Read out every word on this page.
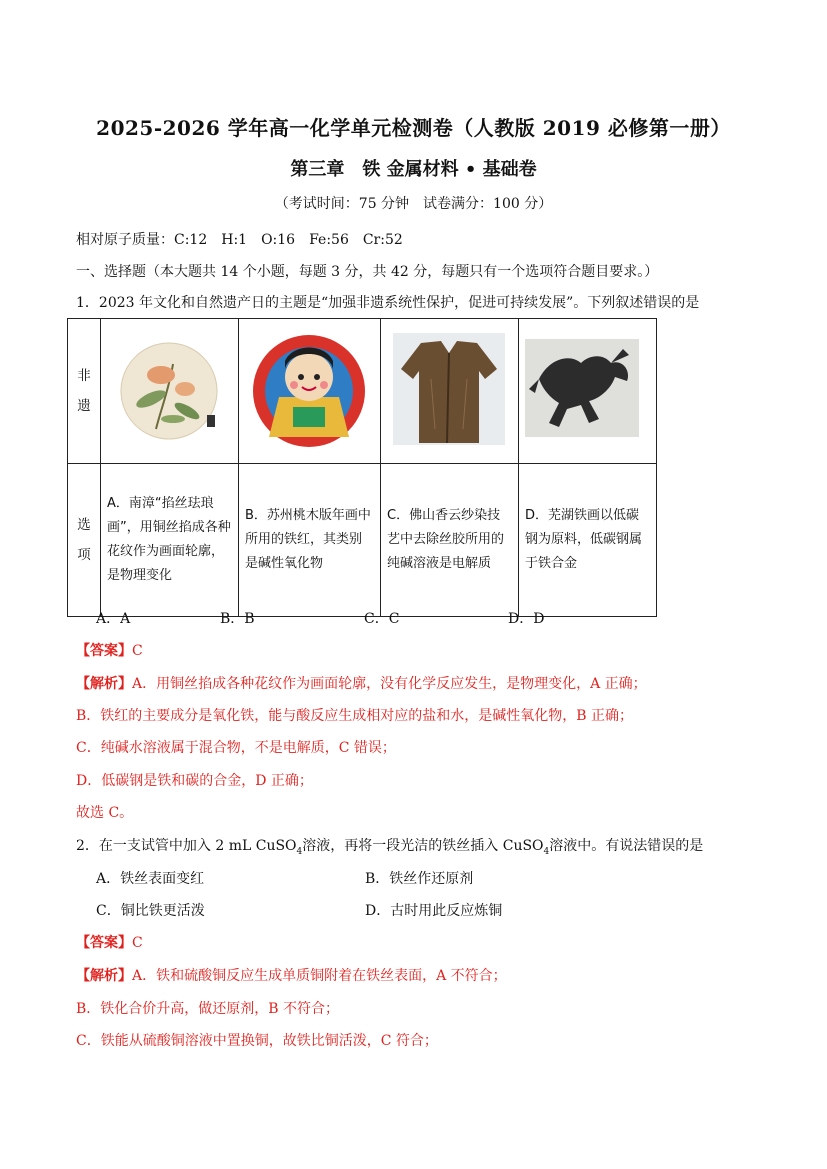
2025-2026 学年高一化学单元检测卷（人教版 2019 必修第一册）
第三章　铁 金属材料 • 基础卷
（考试时间：75 分钟　试卷满分：100 分）
相对原子质量：C:12　H:1　O:16　Fe:56　Cr:52
一、选择题（本大题共 14 个小题，每题 3 分，共 42 分，每题只有一个选项符合题目要求。）
1．2023 年文化和自然遗产日的主题是“加强非遗系统性保护，促进可持续发展”。下列叙述错误的是
非遗

选项	A．南漳“掐丝珐琅画”，用铜丝掐成各种花纹作为画面轮廓，是物理变化	B．苏州桃木版年画中所用的铁红，其类别是碱性氧化物	C．佛山香云纱染技艺中去除丝胶所用的纯碱溶液是电解质	D．芜湖铁画以低碳钢为原料，低碳钢属于铁合金
A．A	B．B	C．C	D．D
【答案】C
【解析】A．用铜丝掐成各种花纹作为画面轮廓，没有化学反应发生，是物理变化，A 正确；
B．铁红的主要成分是氧化铁，能与酸反应生成相对应的盐和水，是碱性氧化物，B 正确；
C．纯碱水溶液属于混合物，不是电解质，C 错误；
D．低碳钢是铁和碳的合金，D 正确；
故选 C。
2．在一支试管中加入 2 mL CuSO$_4$溶液，再将一段光洁的铁丝插入 CuSO$_4$溶液中。有说法错误的是
A．铁丝表面变红	B．铁丝作还原剂
C．铜比铁更活泼	D．古时用此反应炼铜
【答案】C
【解析】A．铁和硫酸铜反应生成单质铜附着在铁丝表面，A 不符合；
B．铁化合价升高，做还原剂，B 不符合；
C．铁能从硫酸铜溶液中置换铜，故铁比铜活泼，C 符合；
